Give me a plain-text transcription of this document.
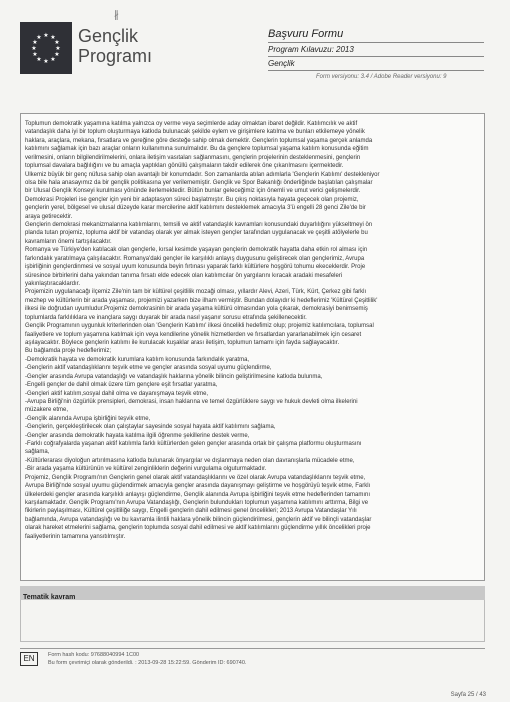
∦
★ ★
★
★
★
★
★
★
★
★
★
★ Gençlik
Programı
Başvuru Formu
Program Kılavuzu: 2013
Gençlik
Form versiyonu: 3.4 / Adobe Reader versiyonu: 9
Toplumun demokratik yaşamına katılma yalnızca oy verme veya seçimlerde aday olmaktan ibaret değildir. Katılımcılık ve aktif
vatandaşlık daha iyi bir toplum oluşturmaya katkıda bulunacak şekilde eylem ve girişimlere katılma ve bunları etkilemeye yönelik
haklara, araçlara, mekana, fırsatlara ve gereğine göre desteğe sahip olmak demektir. Gençlerin toplumsal yaşama gerçek anlamda
katılımını sağlamak için bazı araçlar onların kullanımına sunulmalıdır. Bu da gençlere toplumsal yaşama katılım konusunda eğitim
verilmesini, onların bilgilendirilmelerini, onlara iletişim vasıtaları sağlanmasını, gençlerin projelerinin desteklenmesini, gençlerin
toplumsal davalara bağlılığını ve bu amaçla yaptıkları gönüllü çalışmaların takdir edilerek öne çıkarılmasını içermektedir.
Ülkemiz büyük bir genç nüfusa sahip olan avantajlı bir konumdadır. Son zamanlarda atılan adımlarla 'Gençlerin Katılımı' destekleniyor
olsa bile hala anasayımız da bir gençlik politikasına yer verilememiştir. Gençlik ve Spor Bakanlığı önderliğinde başlatılan çalışmalar
bir Ulusal Gençlik Konseyi kurulması yönünde ilerlemektedir. Bütün bunlar geleceğimiz için önemli ve umut verici gelişmelerdir.
Demokrasi Projeleri ise gençler için yeni bir adaptasyon süreci başlatmıştır. Bu çıkış noktasıyla hayata geçecek olan projemiz,
gençlerin yerel, bölgesel ve ulusal düzeyde karar mercilerine aktif katılımını desteklemek amacıyla 3'ü engelli 28 genci Zile'de bir
araya getirecektir.
Gençlerin demokrasi mekanizmalarına katılımlarını, temsili ve aktif vatandaşlık kavramları konusundaki duyarlılığını yükseltmeyi ön
planda tutan projemiz, topluma aktif bir vatandaş olarak yer almak isteyen gençler tarafından uygulanacak ve çeşitli atölyelerle bu
kavramların önemi tartışılacaktır.
Romanya ve Türkiye'den katılacak olan gençlerle, kırsal kesimde yaşayan gençlerin demokratik hayatta daha etkin rol alması için
farkındalık yaratılmaya çalışılacaktır. Romanya'daki gençler ile karşılıklı anlayış duygusunu geliştirecek olan gençlerimiz, Avrupa
işbirliğinin gençlerdinmesi ve sosyal uyum konusunda beyin fırtınası yaparak farklı kültürlere hoşgörü tohumu ekeceklerdir. Proje
süresince birbirlerini daha yakından tanıma fırsatı elde edecek olan katılımcılar ön yargılarını kıracak aradaki mesafeleri
yakınlaştıracaklardır.
Projemizin uygulanacağı ilçemiz Zile'nin tam bir kültürel çeşitlilik mozaği olması, yıllardır Alevi, Azeri, Türk, Kürt, Çerkez gibi farklı
mezhep ve kültürlerin bir arada yaşaması, projemizi yazarken bize ilham vermiştir. Bundan dolayıdır ki hedeflerimiz 'Kültürel Çeşitlilik'
ilkesi ile doğrudan uyumludur.Projemiz demokrasinin bir arada yaşama kültürü olmasından yola çıkarak, demokrasiyi benimsemiş
toplumlarda farklılıklara ve inançlara saygı duyarak bir arada nasıl yaşanır sorusu etrafında şekillenecektir.
Gençlik Programının uygunluk kriterlerinden olan 'Gençlerin Katılımı' ilkesi öncelikli hedefimiz olup; projemiz katılımcılara, toplumsal
faaliyetlere ve toplum yaşamına katılmak için veya kendilerine yönelik hizmetlerden ve fırsatlardan yararlanabilmek için cesaret
aşılayacaktır. Böylece gençlerin katılımı ile kurulacak kuşaklar arası iletişim, toplumun tamamı için fayda sağlayacaktır.
Bu bağlamda proje hedeflerimiz;
-Demokratik hayata ve demokratik kurumlara katılım konusunda farkındalık yaratma,
-Gençlerin aktif vatandaşlıklarını teşvik etme ve gençler arasında sosyal uyumu güçlendirme,
-Gençler arasında Avrupa vatandaşlığı ve vatandaşlık haklarına yönelik bilincin geliştirilmesine katkıda bulunma,
-Engelli gençler de dahil olmak üzere tüm gençlere eşit fırsatlar yaratma,
-Gençleri aktif katılım,sosyal dahil olma ve dayanışmaya teşvik etme,
-Avrupa Birliği'nin özgürlük prensipleri, demokrasi, insan haklarına ve temel özgürlüklere saygı ve hukuk devleti olma ilkelerini
müzakere etme,
-Gençlik alanında Avrupa işbirliğini teşvik etme,
-Gençlerin, gerçekleştirilecek olan çalıştaylar sayesinde sosyal hayata aktif katılımını sağlama,
-Gençler arasında demokratik hayata katılma ilgili öğrenme şekillerine destek verme,
-Farklı coğrafyalarda yaşanan aktif katılımla farklı kültürlerden gelen gençler arasında ortak bir çalışma platformu oluşturmasını
sağlama,
-Kültürlerarası diyoloğun artırılmasına katkıda bulunarak önyargılar ve dışlanmaya neden olan davranışlarla mücadele etme,
-Bir arada yaşama kültürünün ve kültürel zenginliklerin değerini vurgulama olguturmaktadır.
Projemiz, Gençlik Programı'nın Gençlerin genel olarak aktif vatandaşlıklarını ve özel olarak Avrupa vatandaşlıklarını teşvik etme,
Avrupa Birliği'nde sosyal uyumu güçlendirmek amacıyla gençler arasında dayanışmayı geliştirme ve hoşgörüyü teşvik etme, Farklı
ülkelerdeki gençler arasında karşılıklı anlayışı güçlendirme, Gençlik alanında Avrupa işbirliğini teşvik etme hedeflerinden tamamını
karşılamaktadır. Gençlik Programı'nın Avrupa Vatandaşlığı, Gençlerin bulundukları toplumun yaşamına katılımını arttırma, Bilgi ve
fikirlerin paylaşılması, Kültürel çeşitliliğe saygı, Engelli gençlerin dahil edilmesi genel öncelikleri; 2013 Avrupa Vatandaşlar Yılı
bağlamında, Avrupa vatandaşlığı ve bu kavramla ilintili haklara yönelik bilincin güçlendirilmesi, gençlerin aktif ve bilinçli vatandaşlar
olarak hareket etmelerini sağlama, gençlerin toplumda sosyal dahil edilmesi ve aktif katılımlarını güçlendirme yıllık öncelikleri proje
faaliyetlerinin tamamına yansıtılmıştır.
Tematik kavram
EN	Form hash kodu: 97688040994 1C00
Bu form çevrimiçi olarak gönderildi. : 2013-09-28 15:22:59. Gönderim ID: 690740.
Sayfa 25 / 43
